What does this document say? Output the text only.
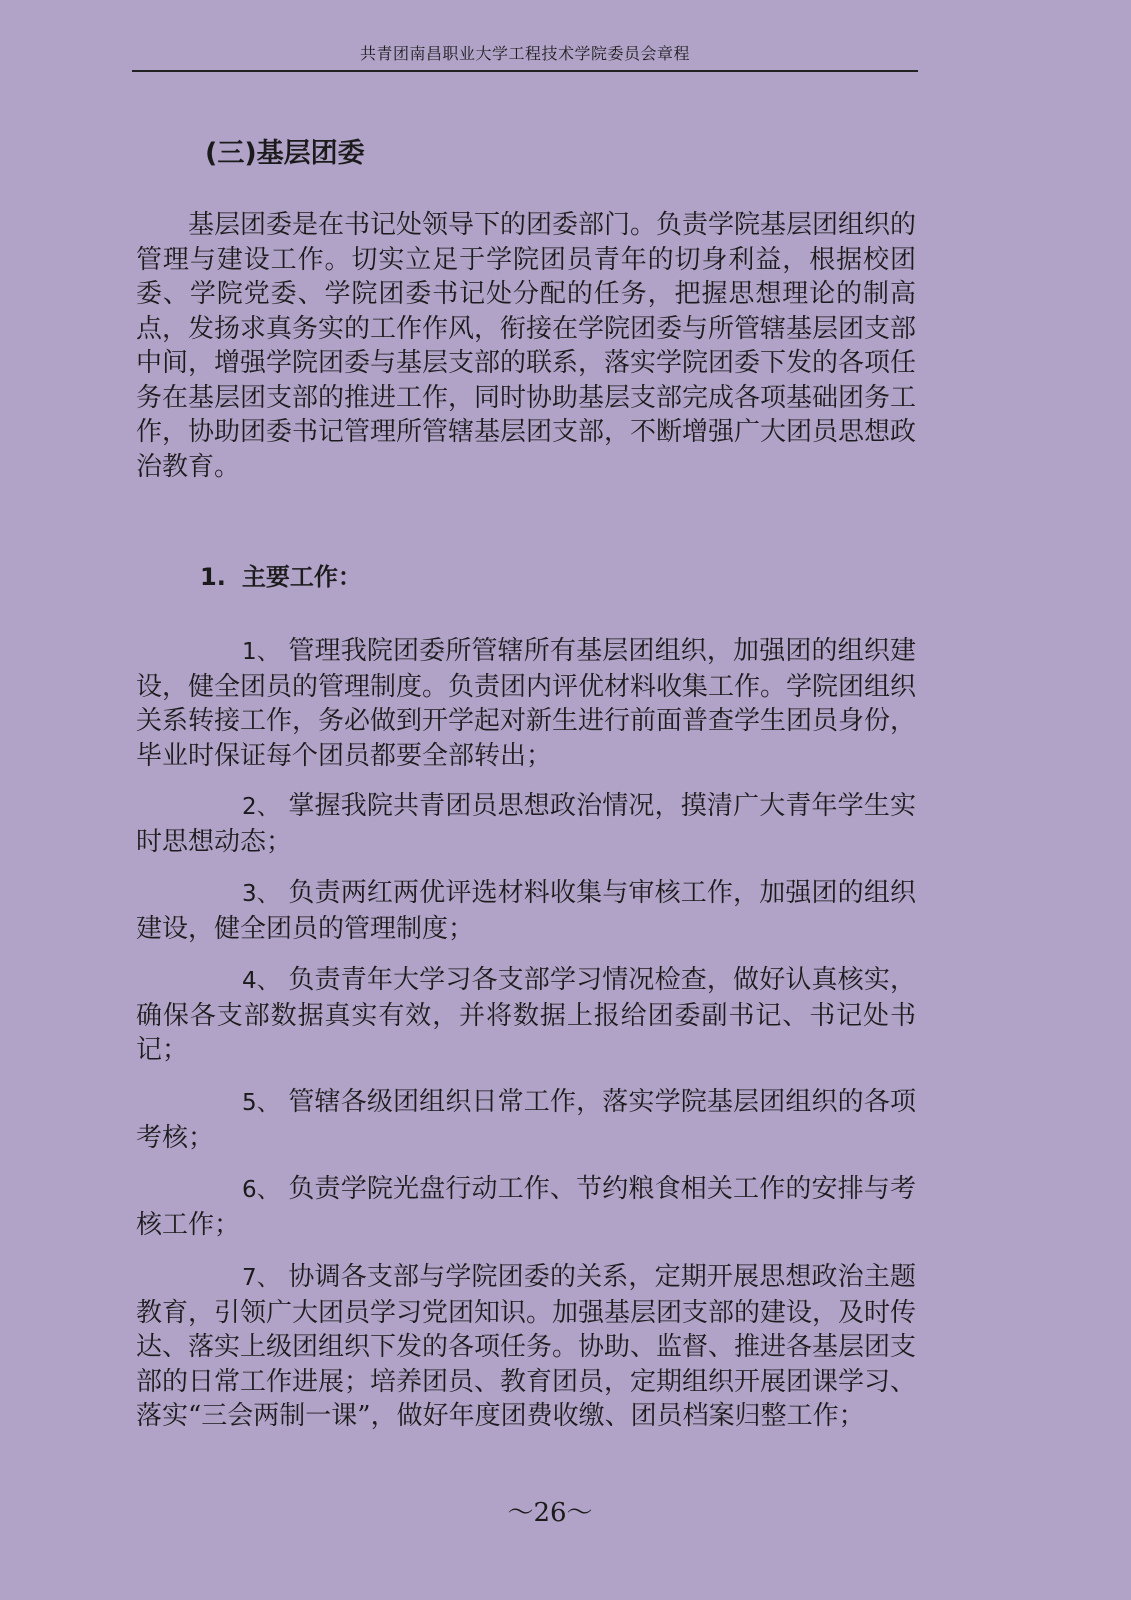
共青团南昌职业大学工程技术学院委员会章程
(三)基层团委

基层团委是在书记处领导下的团委部门。负责学院基层团组织的管理与建设工作。切实立足于学院团员青年的切身利益，根据校团委、学院党委、学院团委书记处分配的任务，把握思想理论的制高点，发扬求真务实的工作作风，衔接在学院团委与所管辖基层团支部中间，增强学院团委与基层支部的联系，落实学院团委下发的各项任务在基层团支部的推进工作，同时协助基层支部完成各项基础团务工作，协助团委书记管理所管辖基层团支部，不断增强广大团员思想政治教育。

1. 主要工作：

1、 管理我院团委所管辖所有基层团组织，加强团的组织建设，健全团员的管理制度。负责团内评优材料收集工作。学院团组织关系转接工作，务必做到开学起对新生进行前面普查学生团员身份，毕业时保证每个团员都要全部转出；

2、 掌握我院共青团员思想政治情况，摸清广大青年学生实时思想动态；

3、 负责两红两优评选材料收集与审核工作，加强团的组织建设，健全团员的管理制度；

4、 负责青年大学习各支部学习情况检查，做好认真核实，确保各支部数据真实有效，并将数据上报给团委副书记、书记处书记；

5、 管辖各级团组织日常工作，落实学院基层团组织的各项考核；

6、 负责学院光盘行动工作、节约粮食相关工作的安排与考核工作；

7、 协调各支部与学院团委的关系，定期开展思想政治主题教育，引领广大团员学习党团知识。加强基层团支部的建设，及时传达、落实上级团组织下发的各项任务。协助、监督、推进各基层团支部的日常工作进展；培养团员、教育团员，定期组织开展团课学习、落实“三会两制一课”，做好年度团费收缴、团员档案归整工作；

～26～
